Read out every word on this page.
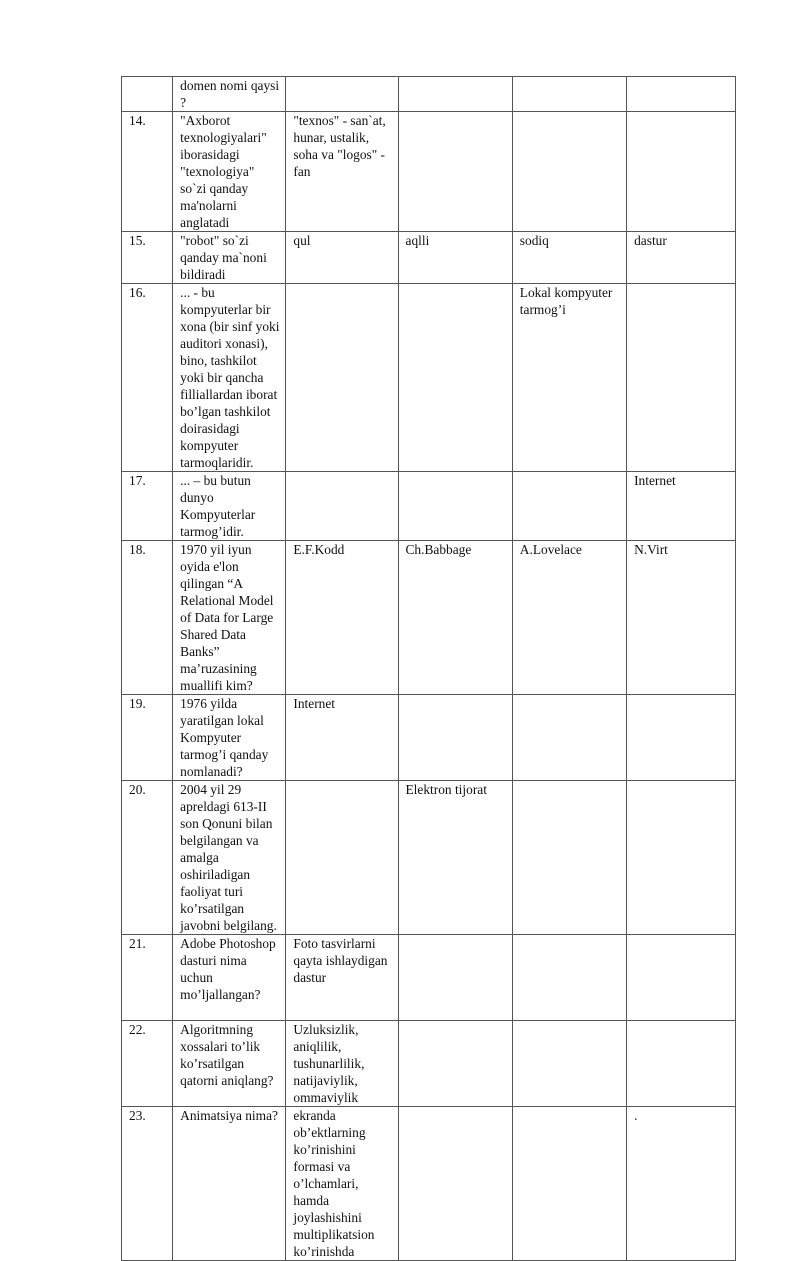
	domen nomi qaysi ?				
14.	"Axborot texnologiyalari" iborasidagi "texnologiya" so`zi qanday ma'nolarni anglatadi	"texnos" - san`at, hunar, ustalik, soha va "logos" - fan			
15.	"robot" so`zi qanday ma`noni bildiradi	qul	aqlli	sodiq	dastur
16.	... - bu kompyuterlar bir xona (bir sinf yoki auditori xonasi), bino, tashkilot yoki bir qancha filliallardan iborat bo’lgan tashkilot doirasidagi kompyuter tarmoqlaridir.			Lokal kompyuter tarmog’i	
17.	... – bu butun dunyo Kompyuterlar tarmog’idir.				Internet
18.	1970 yil iyun oyida e'lon qilingan “A Relational Model of Data for Large Shared Data Banks” ma’ruzasining muallifi kim?	E.F.Kodd	Ch.Babbage	A.Lovelace	N.Virt
19.	1976 yilda yaratilgan lokal Kompyuter tarmog’i qanday nomlanadi?	Internet			
20.	2004 yil 29 apreldagi 613-II son Qonuni bilan belgilangan va amalga oshiriladigan faoliyat turi ko’rsatilgan javobni belgilang.		Elektron tijorat		
21.	Adobe Photoshop dasturi nima uchun mo’ljallangan?	Foto tasvirlarni qayta ishlaydigan dastur			
22.	Algoritmning xossalari to’lik ko’rsatilgan qatorni aniqlang?	Uzluksizlik, aniqlilik, tushunarlilik, natijaviylik, ommaviylik			
23.	Animatsiya nima?	ekranda ob’ektlarning ko’rinishini formasi va o’lchamlari, hamda joylashishini multiplikatsion ko’rinishda			.
